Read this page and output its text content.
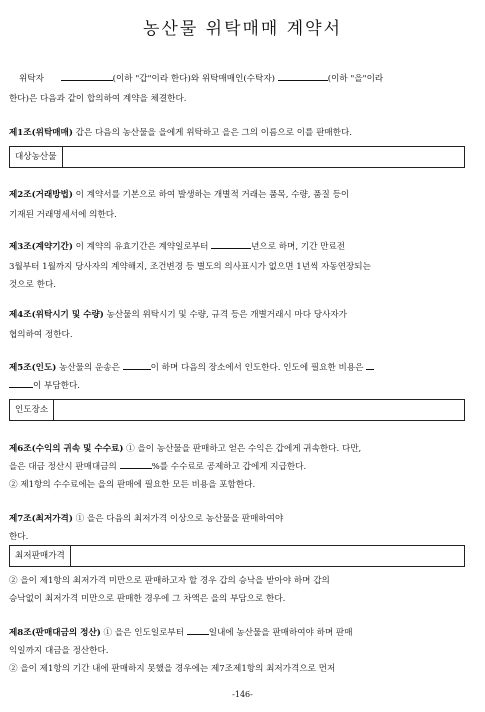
농산물 위탁매매 계약서
위탁자	(이하 "갑"이라 한다)와 위탁매매인(수탁자)	(이하 "을"이라
한다)은 다음과 같이 합의하여 계약을 체결한다.
제1조(위탁매매) 갑은 다음의 농산물을 을에게 위탁하고 을은 그의 이름으로 이를 판매한다.
대상농산물
제2조(거래방법) 이 계약서를 기본으로 하여 발생하는 개별적 거래는 품목, 수량, 품질 등이
기재된 거래명세서에 의한다.
제3조(계약기간) 이 계약의 유효기간은 계약일로부터	년으로 하며, 기간 만료전
3월부터 1월까지 당사자의 계약해지, 조건변경 등 별도의 의사표시가 없으면 1년씩 자동연장되는
것으로 한다.
제4조(위탁시기 및 수량) 농산물의 위탁시기 및 수량, 규격 등은 개별거래시 마다 당사자가
협의하여 정한다.
제5조(인도) 농산물의 운송은	이 하며 다음의 장소에서 인도한다. 인도에 필요한 비용은
이 부담한다.
인도장소
제6조(수익의 귀속 및 수수료) ① 을이 농산물을 판매하고 얻은 수익은 갑에게 귀속한다. 다만,
을은 대금 정산시 판매대금의	%를 수수료로 공제하고 갑에게 지급한다.
② 제1항의 수수료에는 을의 판매에 필요한 모든 비용을 포함한다.
제7조(최저가격) ① 을은 다음의 최저가격 이상으로 농산물을 판매하여야
한다.
최저판매가격
② 을이 제1항의 최저가격 미만으로 판매하고자 할 경우 갑의 승낙을 받아야 하며 갑의
승낙없이 최저가격 미만으로 판매한 경우에 그 차액은 을의 부담으로 한다.
제8조(판매대금의 정산) ① 을은 인도일로부터	일내에 농산물을 판매하여야 하며 판매
익일까지 대금을 정산한다.
② 을이 제1항의 기간 내에 판매하지 못했을 경우에는 제7조제1항의 최저가격으로 먼저
-146-
